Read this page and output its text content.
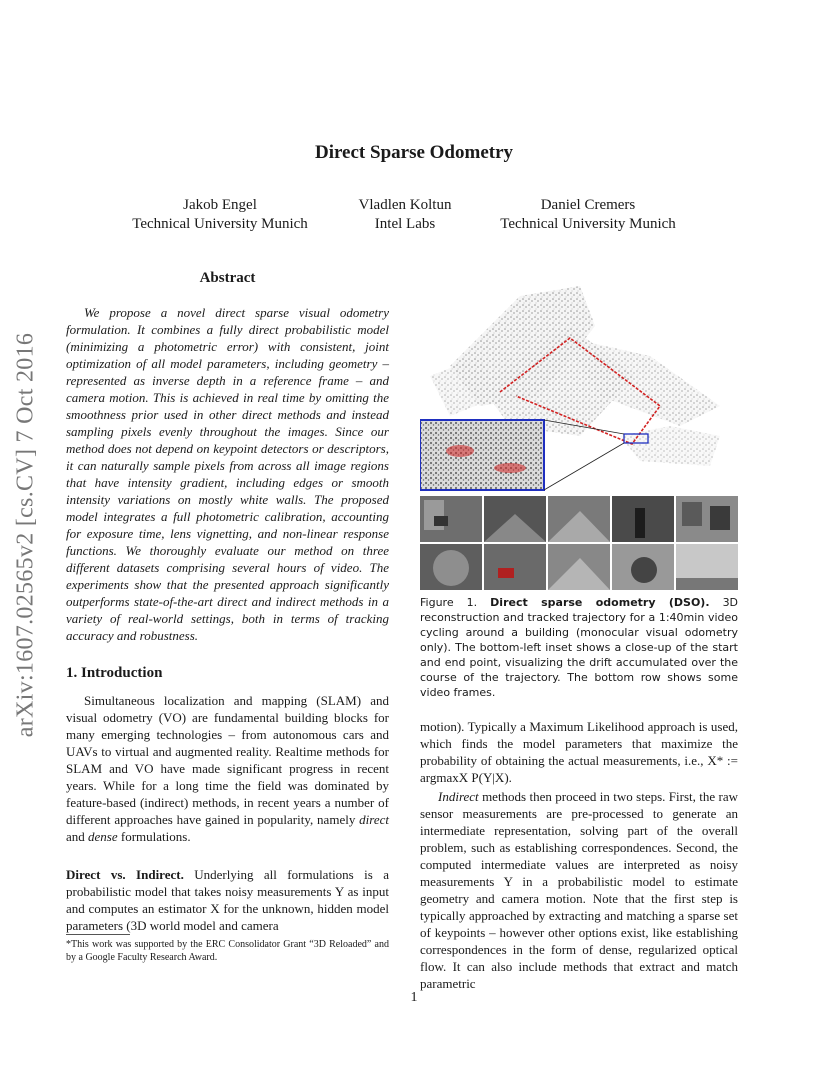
Direct Sparse Odometry
Jakob Engel
Technical University Munich
Vladlen Koltun
Intel Labs
Daniel Cremers
Technical University Munich
arXiv:1607.02565v2 [cs.CV] 7 Oct 2016
Abstract
We propose a novel direct sparse visual odometry formulation. It combines a fully direct probabilistic model (minimizing a photometric error) with consistent, joint optimization of all model parameters, including geometry – represented as inverse depth in a reference frame – and camera motion. This is achieved in real time by omitting the smoothness prior used in other direct methods and instead sampling pixels evenly throughout the images. Since our method does not depend on keypoint detectors or descriptors, it can naturally sample pixels from across all image regions that have intensity gradient, including edges or smooth intensity variations on mostly white walls. The proposed model integrates a full photometric calibration, accounting for exposure time, lens vignetting, and non-linear response functions. We thoroughly evaluate our method on three different datasets comprising several hours of video. The experiments show that the presented approach significantly outperforms state-of-the-art direct and indirect methods in a variety of real-world settings, both in terms of tracking accuracy and robustness.
1. Introduction
Simultaneous localization and mapping (SLAM) and visual odometry (VO) are fundamental building blocks for many emerging technologies – from autonomous cars and UAVs to virtual and augmented reality. Realtime methods for SLAM and VO have made significant progress in recent years. While for a long time the field was dominated by feature-based (indirect) methods, in recent years a number of different approaches have gained in popularity, namely direct and dense formulations.
Direct vs. Indirect. Underlying all formulations is a probabilistic model that takes noisy measurements Y as input and computes an estimator X for the unknown, hidden model parameters (3D world model and camera
*This work was supported by the ERC Consolidator Grant “3D Reloaded” and by a Google Faculty Research Award.
Figure 1. Direct sparse odometry (DSO). 3D reconstruction and tracked trajectory for a 1:40min video cycling around a building (monocular visual odometry only). The bottom-left inset shows a close-up of the start and end point, visualizing the drift accumulated over the course of the trajectory. The bottom row shows some video frames.
motion). Typically a Maximum Likelihood approach is used, which finds the model parameters that maximize the probability of obtaining the actual measurements, i.e., X* := argmaxX P(Y|X).
Indirect methods then proceed in two steps. First, the raw sensor measurements are pre-processed to generate an intermediate representation, solving part of the overall problem, such as establishing correspondences. Second, the computed intermediate values are interpreted as noisy measurements Y in a probabilistic model to estimate geometry and camera motion. Note that the first step is typically approached by extracting and matching a sparse set of keypoints – however other options exist, like establishing correspondences in the form of dense, regularized optical flow. It can also include methods that extract and match parametric
1
